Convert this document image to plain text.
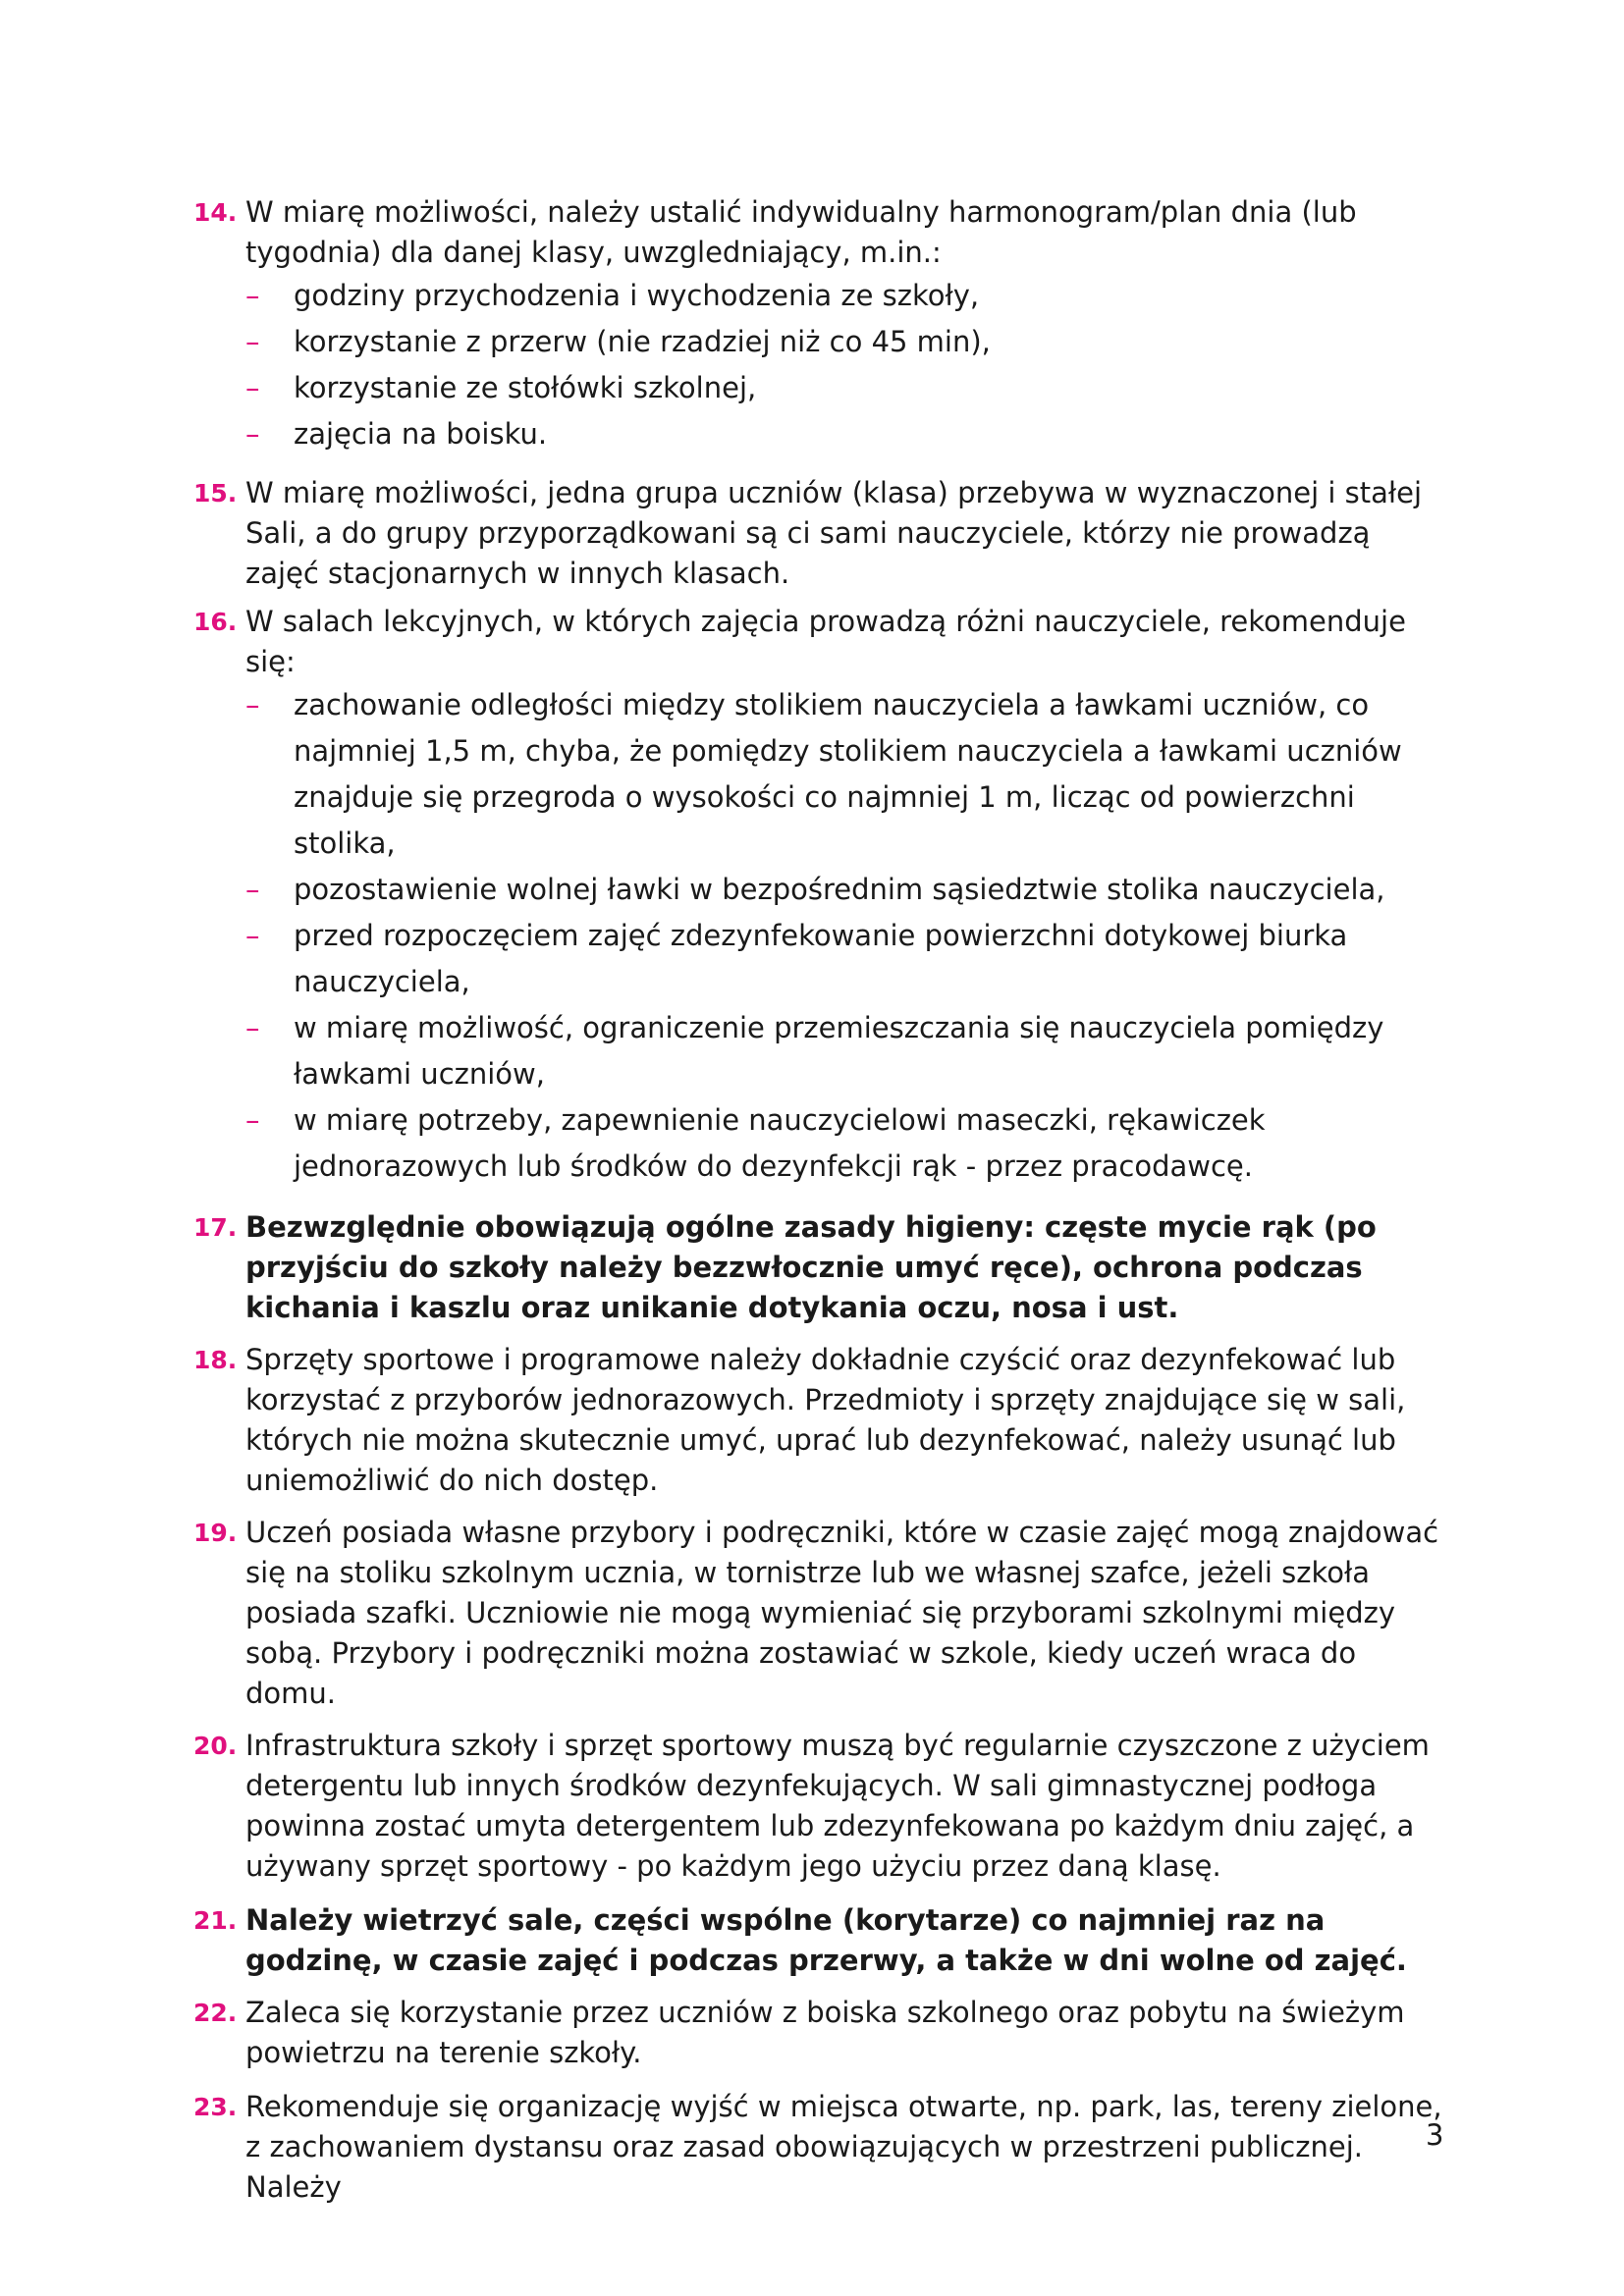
14. W miarę możliwości, należy ustalić indywidualny harmonogram/plan dnia (lub tygodnia) dla danej klasy, uwzgledniający, m.in.:
– godziny przychodzenia i wychodzenia ze szkoły,
– korzystanie z przerw (nie rzadziej niż co 45 min),
– korzystanie ze stołówki szkolnej,
– zajęcia na boisku.
15. W miarę możliwości, jedna grupa uczniów (klasa) przebywa w wyznaczonej i stałej Sali, a do grupy przyporządkowani są ci sami nauczyciele, którzy nie prowadzą zajęć stacjonarnych w innych klasach.
16. W salach lekcyjnych, w których zajęcia prowadzą różni nauczyciele, rekomenduje się:
– zachowanie odległości między stolikiem nauczyciela a ławkami uczniów, co najmniej 1,5 m, chyba, że pomiędzy stolikiem nauczyciela a ławkami uczniów znajduje się przegroda o wysokości co najmniej 1 m, licząc od powierzchni stolika,
– pozostawienie wolnej ławki w bezpośrednim sąsiedztwie stolika nauczyciela,
– przed rozpoczęciem zajęć zdezynfekowanie powierzchni dotykowej biurka nauczyciela,
– w miarę możliwość, ograniczenie przemieszczania się nauczyciela pomiędzy ławkami uczniów,
– w miarę potrzeby, zapewnienie nauczycielowi maseczki, rękawiczek jednorazowych lub środków do dezynfekcji rąk - przez pracodawcę.
17. Bezwzględnie obowiązują ogólne zasady higieny: częste mycie rąk (po przyjściu do szkoły należy bezzwłocznie umyć ręce), ochrona podczas kichania i kaszlu oraz unikanie dotykania oczu, nosa i ust.
18. Sprzęty sportowe i programowe należy dokładnie czyścić oraz dezynfekować lub korzystać z przyborów jednorazowych. Przedmioty i sprzęty znajdujące się w sali, których nie można skutecznie umyć, uprać lub dezynfekować, należy usunąć lub uniemożliwić do nich dostęp.
19. Uczeń posiada własne przybory i podręczniki, które w czasie zajęć mogą znajdować się na stoliku szkolnym ucznia, w tornistrze lub we własnej szafce, jeżeli szkoła posiada szafki. Uczniowie nie mogą wymieniać się przyborami szkolnymi między sobą. Przybory i podręczniki można zostawiać w szkole, kiedy uczeń wraca do domu.
20. Infrastruktura szkoły i sprzęt sportowy muszą być regularnie czyszczone z użyciem detergentu lub innych środków dezynfekujących. W sali gimnastycznej podłoga powinna zostać umyta detergentem lub zdezynfekowana po każdym dniu zajęć, a używany sprzęt sportowy - po każdym jego użyciu przez daną klasę.
21. Należy wietrzyć sale, części wspólne (korytarze) co najmniej raz na godzinę, w czasie zajęć i podczas przerwy, a także w dni wolne od zajęć.
22. Zaleca się korzystanie przez uczniów z boiska szkolnego oraz pobytu na świeżym powietrzu na terenie szkoły.
23. Rekomenduje się organizację wyjść w miejsca otwarte, np. park, las, tereny zielone, z zachowaniem dystansu oraz zasad obowiązujących w przestrzeni publicznej. Należy
3
